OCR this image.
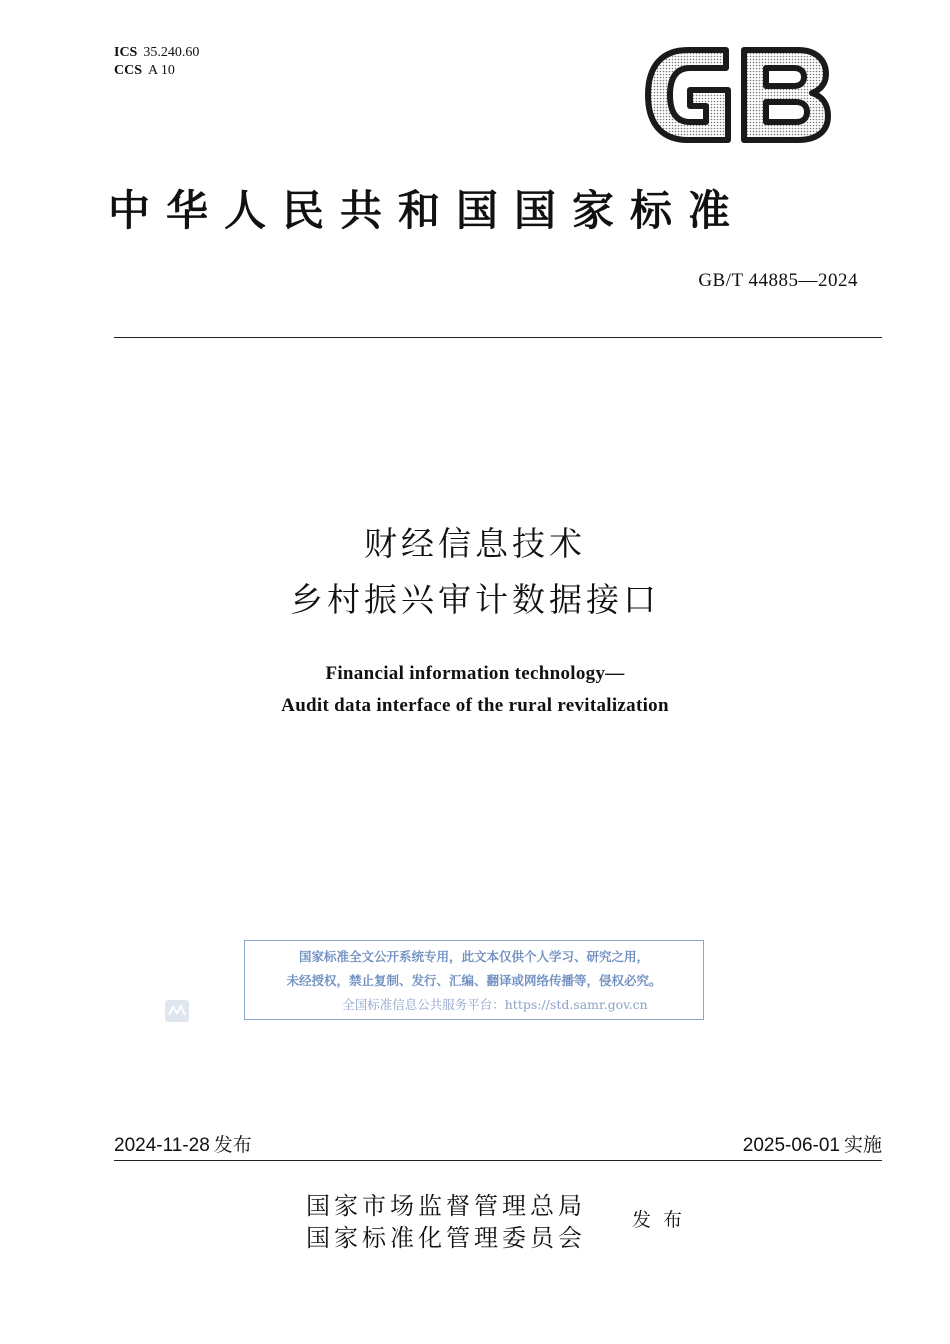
ICS 35.240.60
CCS A 10
中华人民共和国国家标准
GB/T 44885—2024
财经信息技术
乡村振兴审计数据接口
Financial information technology—
Audit data interface of the rural revitalization
国家标准全文公开系统专用，此文本仅供个人学习、研究之用，
未经授权，禁止复制、发行、汇编、翻译或网络传播等，侵权必究。
全国标准信息公共服务平台：https://std.samr.gov.cn
2024-11-28 发布	2025-06-01 实施
国家市场监督管理总局
国家标准化管理委员会
发布
